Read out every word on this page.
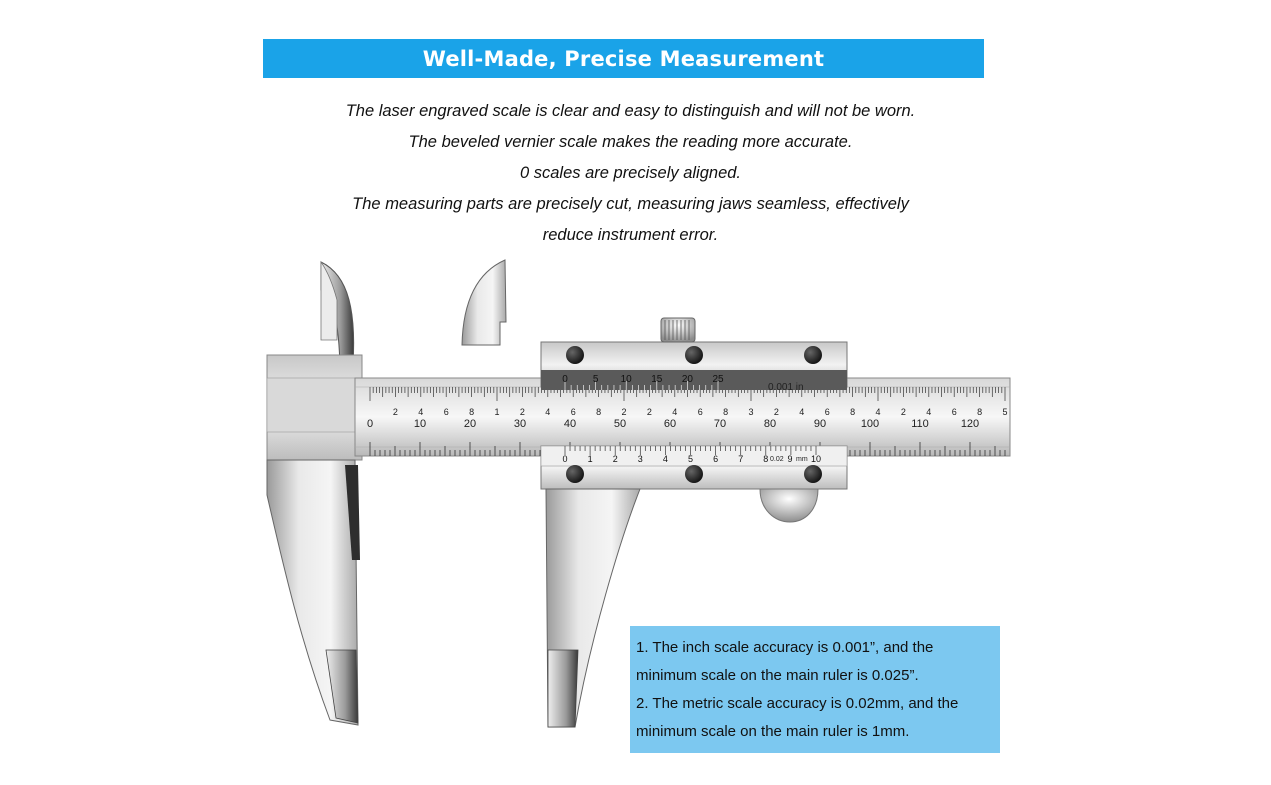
Well-Made, Precise Measurement
The laser engraved scale is clear and easy to distinguish and will not be worn.
The beveled vernier scale makes the reading more accurate.
0 scales are precisely aligned.
The measuring parts are precisely cut, measuring jaws seamless, effectively
reduce instrument error.
0	10	20	30	40	50	60	70	80	90	100	110	120
2 4 6 8 1 2 4 6 8 2 2 4 6 8 3 2 4 6 8 4 2 4 6 8 5
0	5 10 15 20 25
0 1 2 3 4 5 6 7 8 9 10
0.001 in
0.02 mm
1. The inch scale accuracy is 0.001”, and the
minimum scale on the main ruler is 0.025”.
2. The metric scale accuracy is 0.02mm, and the
minimum scale on the main ruler is 1mm.
